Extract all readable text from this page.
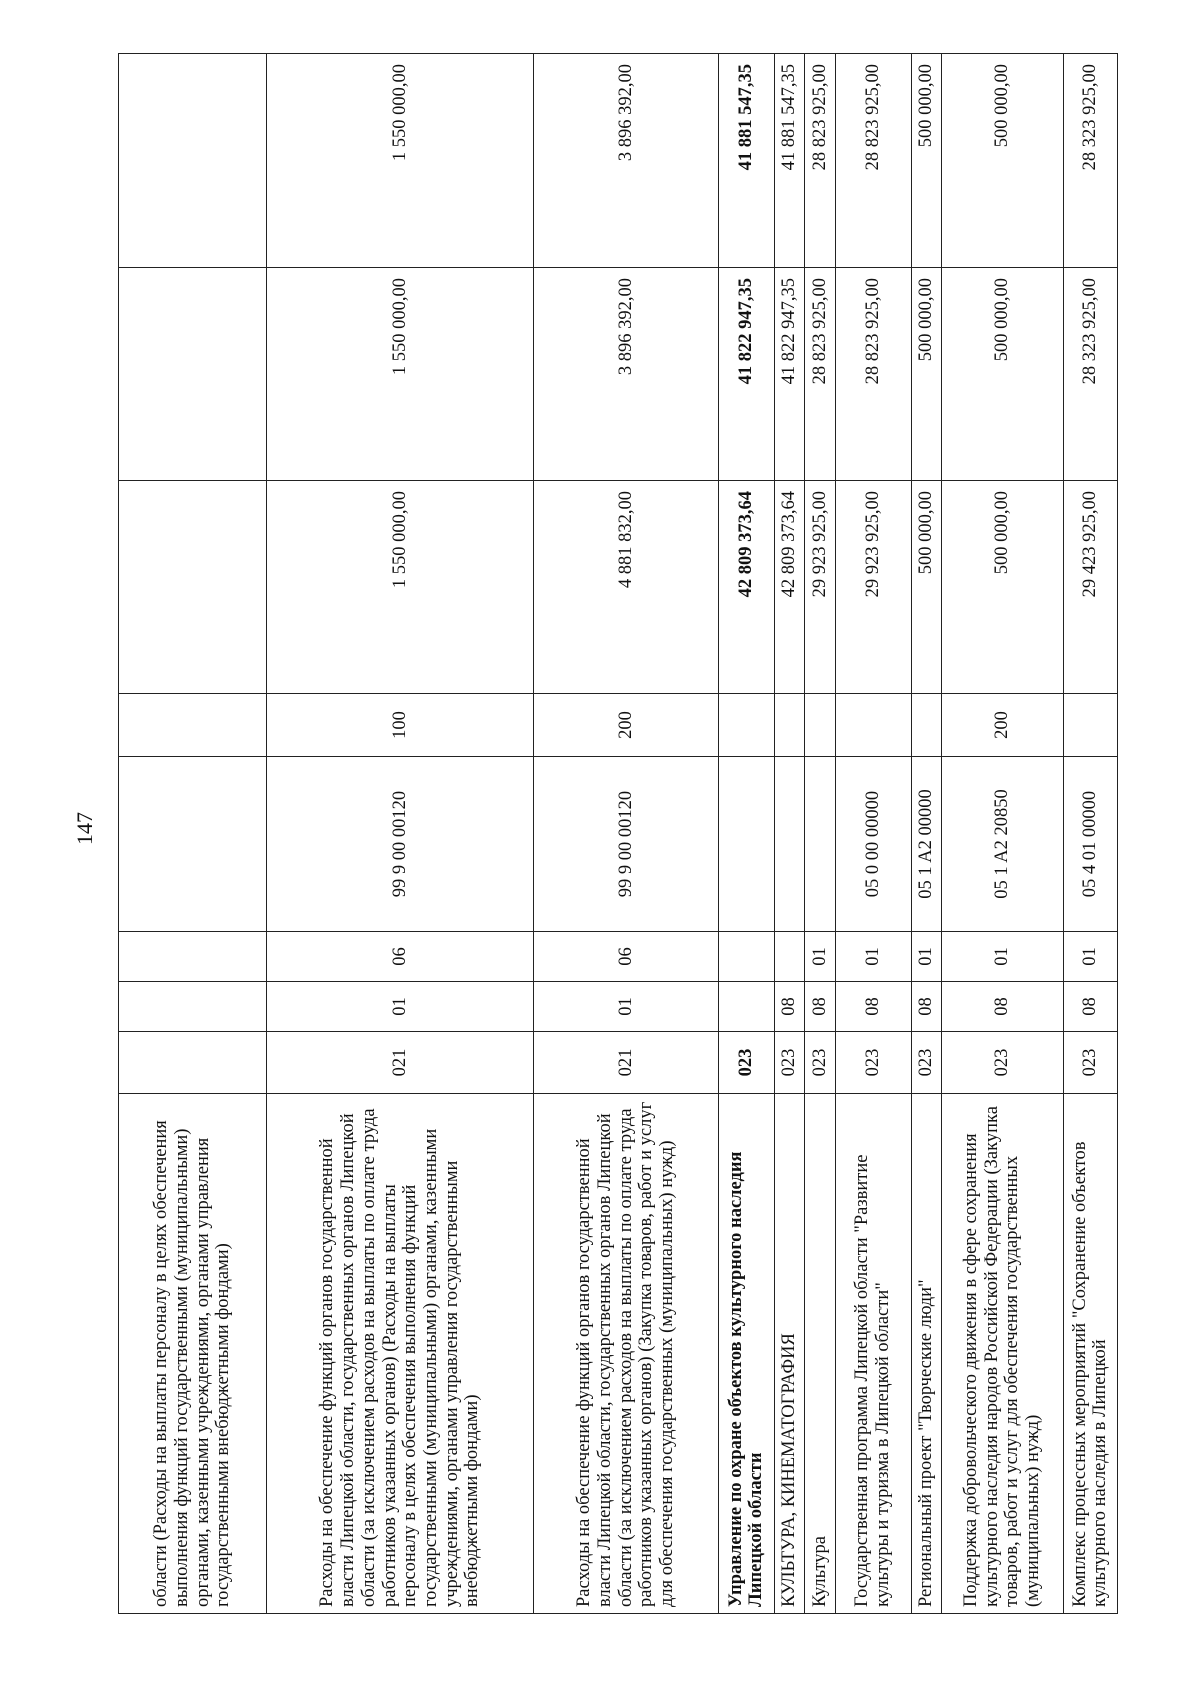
147
области (Расходы на выплаты персоналу в целях обеспечения выполнения функций государственными (муниципальными) органами, казенными учреждениями, органами управления государственными внебюджетными фондами)								
Расходы на обеспечение функций органов государственной власти Липецкой области, государственных органов Липецкой области (за исключением расходов на выплаты по оплате труда работников указанных органов) (Расходы на выплаты персоналу в целях обеспечения выполнения функций государственными (муниципальными) органами, казенными учреждениями, органами управления государственными внебюджетными фондами)	021	01	06	99 9 00 00120	100	1 550 000,00	1 550 000,00	1 550 000,00
Расходы на обеспечение функций органов государственной власти Липецкой области, государственных органов Липецкой области (за исключением расходов на выплаты по оплате труда работников указанных органов) (Закупка товаров, работ и услуг для обеспечения государственных (муниципальных) нужд)	021	01	06	99 9 00 00120	200	4 881 832,00	3 896 392,00	3 896 392,00
Управление по охране объектов культурного наследия Липецкой области	023					42 809 373,64	41 822 947,35	41 881 547,35
КУЛЬТУРА, КИНЕМАТОГРАФИЯ	023	08				42 809 373,64	41 822 947,35	41 881 547,35
Культура	023	08	01			29 923 925,00	28 823 925,00	28 823 925,00
Государственная программа Липецкой области "Развитие культуры и туризма в Липецкой области"	023	08	01	05 0 00 00000		29 923 925,00	28 823 925,00	28 823 925,00
Региональный проект "Творческие люди"	023	08	01	05 1 A2 00000		500 000,00	500 000,00	500 000,00
Поддержка добровольческого движения в сфере сохранения культурного наследия народов Российской Федерации (Закупка товаров, работ и услуг для обеспечения государственных (муниципальных) нужд)	023	08	01	05 1 A2 20850	200	500 000,00	500 000,00	500 000,00
Комплекс процессных мероприятий "Сохранение объектов культурного наследия в Липецкой	023	08	01	05 4 01 00000		29 423 925,00	28 323 925,00	28 323 925,00
